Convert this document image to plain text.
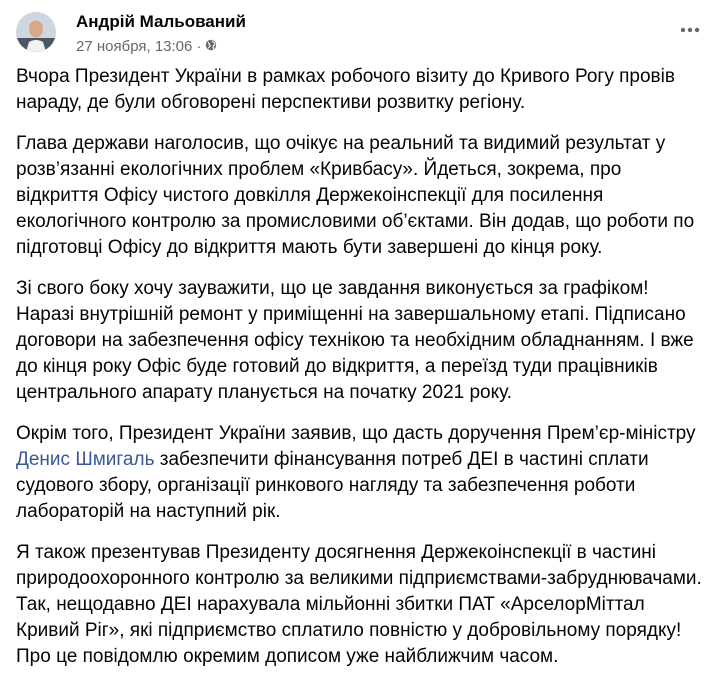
Андрій Мальований
27 ноября, 13:06 ·

Вчора Президент України в рамках робочого візиту до Кривого Рогу провів нараду, де були обговорені перспективи розвитку регіону.

Глава держави наголосив, що очікує на реальний та видимий результат у розв’язанні екологічних проблем «Кривбасу». Йдеться, зокрема, про відкриття Офісу чистого довкілля Держекоінспекції для посилення екологічного контролю за промисловими об’єктами. Він додав, що роботи по підготовці Офісу до відкриття мають бути завершені до кінця року.

Зі свого боку хочу зауважити, що це завдання виконується за графіком! Наразі внутрішній ремонт у приміщенні на завершальному етапі. Підписано договори на забезпечення офісу технікою та необхідним обладнанням. І вже до кінця року Офіс буде готовий до відкриття, а переїзд туди працівників центрального апарату планується на початку 2021 року.

Окрім того, Президент України заявив, що дасть доручення Прем’єр-міністру Денис Шмигаль забезпечити фінансування потреб ДЕІ в частині сплати судового збору, організації ринкового нагляду та забезпечення роботи лабораторій на наступний рік.

Я також презентував Президенту досягнення Держекоінспекції в частині природоохоронного контролю за великими підприємствами-забруднювачами. Так, нещодавно ДЕІ нарахувала мільйонні збитки ПАТ «АрселорМіттал Кривий Ріг», які підприємство сплатило повністю у добровільному порядку! Про це повідомлю окремим дописом уже найближчим часом.
